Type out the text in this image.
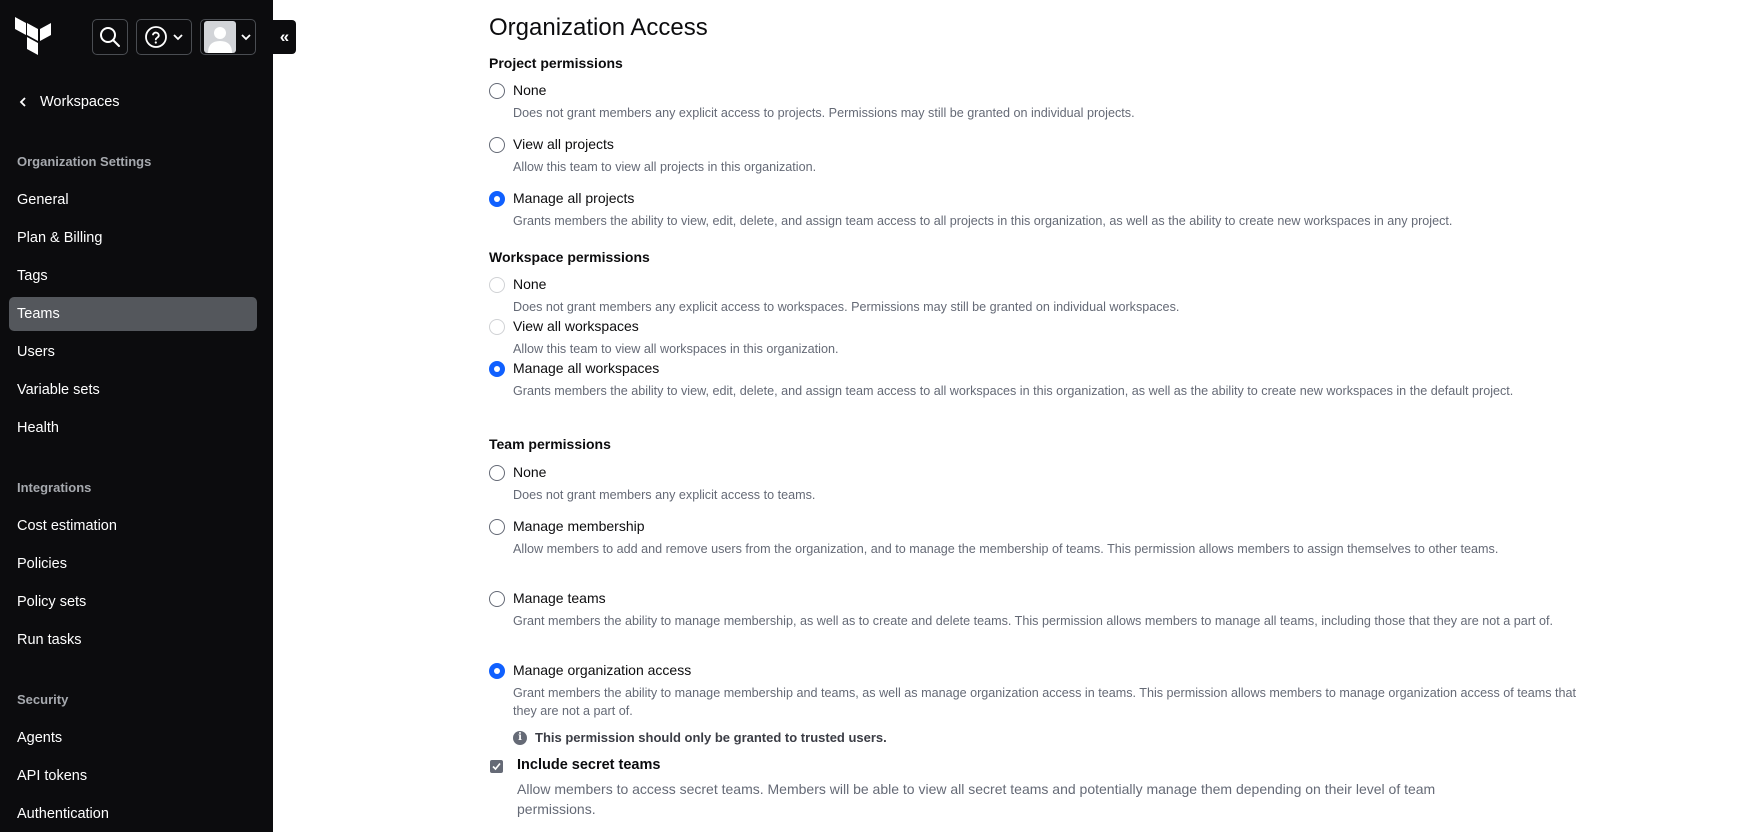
Workspaces
Organization Settings
General
Plan & Billing
Tags
Teams
Users
Variable sets
Health
Integrations
Cost estimation
Policies
Policy sets
Run tasks
Security
Agents
API tokens
Authentication
«	Organization Access
Project permissions
None
Does not grant members any explicit access to projects. Permissions may still be granted on individual projects.
View all projects
Allow this team to view all projects in this organization.
Manage all projects
Grants members the ability to view, edit, delete, and assign team access to all projects in this organization, as well as the ability to create new workspaces in any project.
Workspace permissions
None
Does not grant members any explicit access to workspaces. Permissions may still be granted on individual workspaces.
View all workspaces
Allow this team to view all workspaces in this organization.
Manage all workspaces
Grants members the ability to view, edit, delete, and assign team access to all workspaces in this organization, as well as the ability to create new workspaces in the default project.
Team permissions
None
Does not grant members any explicit access to teams.
Manage membership
Allow members to add and remove users from the organization, and to manage the membership of teams. This permission allows members to assign themselves to other teams.
Manage teams
Grant members the ability to manage membership, as well as to create and delete teams. This permission allows members to manage all teams, including those that they are not a part of.
Manage organization access
Grant members the ability to manage membership and teams, as well as manage organization access in teams. This permission allows members to manage organization access of teams that they are not a part of.
i	This permission should only be granted to trusted users.
Include secret teams
Allow members to access secret teams. Members will be able to view all secret teams and potentially manage them depending on their level of team permissions.
